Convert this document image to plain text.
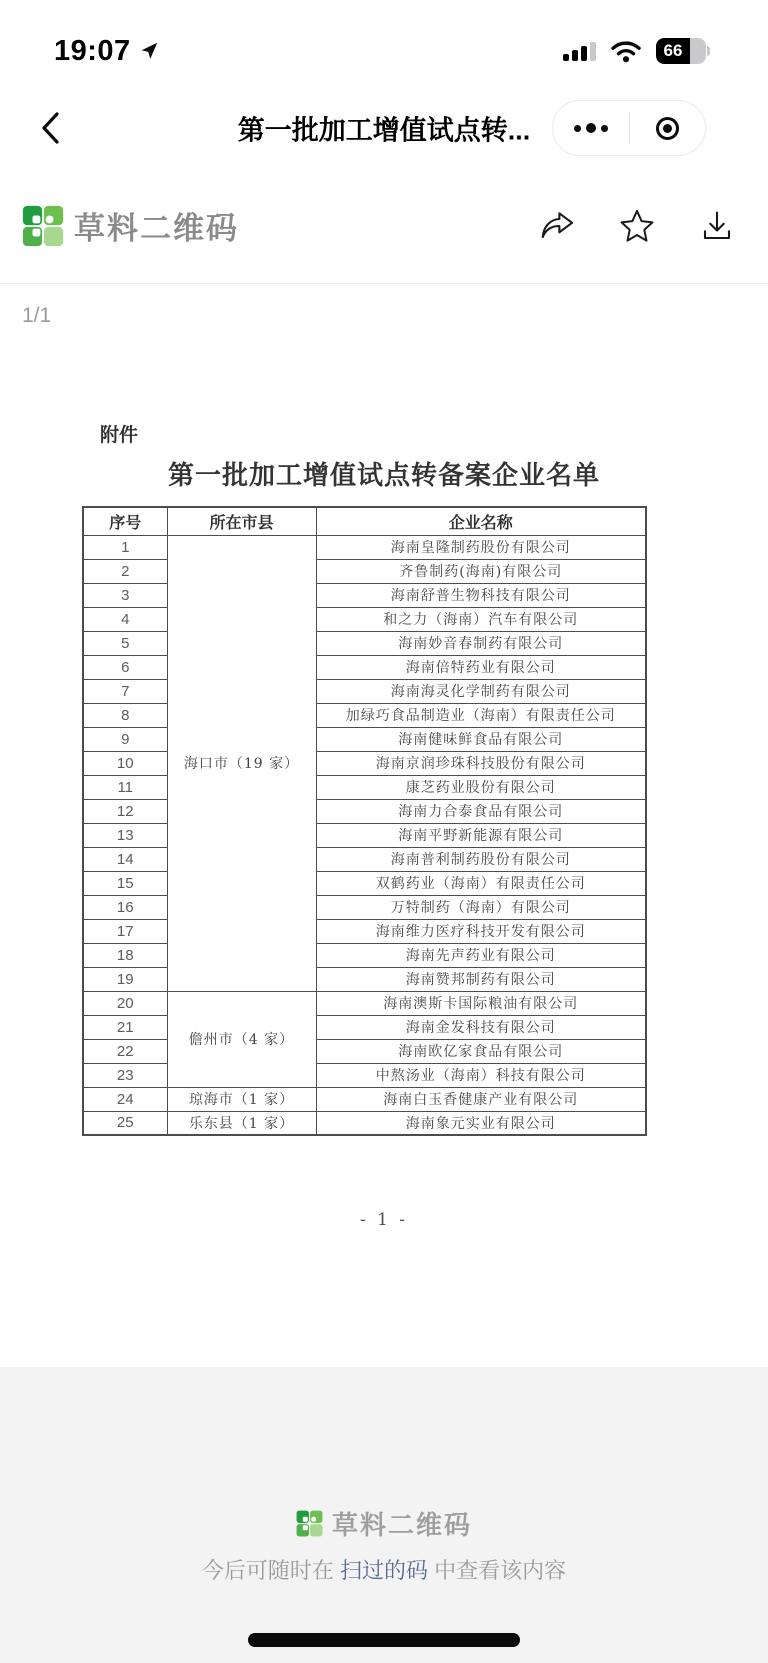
19:07	66
第一批加工增值试点转...
草料二维码
1/1
附件
第一批加工增值试点转备案企业名单
序号	所在市县	企业名称
1	海口市（19 家）	海南皇隆制药股份有限公司
2		齐鲁制药(海南)有限公司
3		海南舒普生物科技有限公司
4		和之力（海南）汽车有限公司
5		海南妙音春制药有限公司
6		海南倍特药业有限公司
7		海南海灵化学制药有限公司
8		加绿巧食品制造业（海南）有限责任公司
9		海南健味鲜食品有限公司
10		海南京润珍珠科技股份有限公司
11		康芝药业股份有限公司
12		海南力合泰食品有限公司
13		海南平野新能源有限公司
14		海南普利制药股份有限公司
15		双鹤药业（海南）有限责任公司
16		万特制药（海南）有限公司
17		海南维力医疗科技开发有限公司
18		海南先声药业有限公司
19		海南赞邦制药有限公司
20	儋州市（4 家）	海南澳斯卡国际粮油有限公司
21		海南金发科技有限公司
22		海南欧亿家食品有限公司
23		中熬汤业（海南）科技有限公司
24	琼海市（1 家）	海南白玉香健康产业有限公司
25	乐东县（1 家）	海南象元实业有限公司
- 1 -
草料二维码
今后可随时在 扫过的码 中查看该内容
